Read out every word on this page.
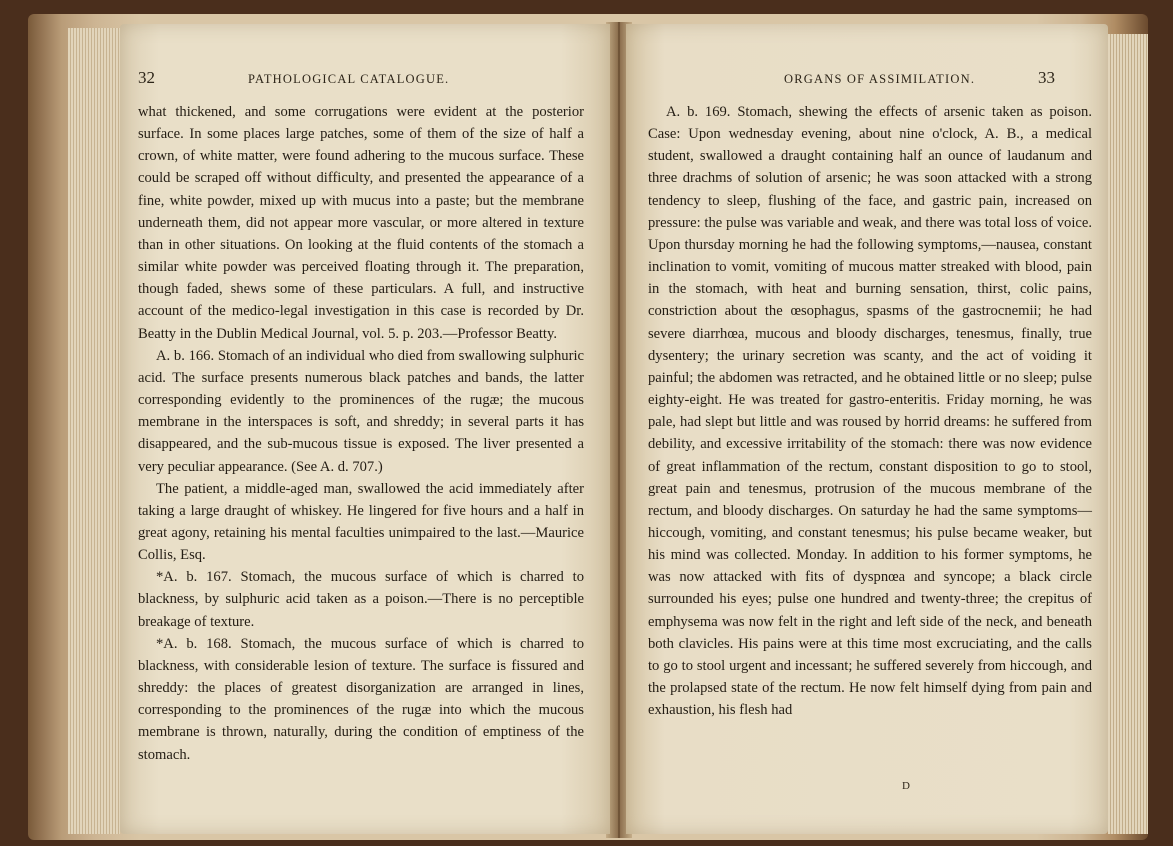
32	PATHOLOGICAL CATALOGUE.

what thickened, and some corrugations were evident at the posterior surface. In some places large patches, some of them of the size of half a crown, of white matter, were found adhering to the mucous surface. These could be scraped off without difficulty, and presented the appearance of a fine, white powder, mixed up with mucus into a paste; but the membrane underneath them, did not appear more vascular, or more altered in texture than in other situations. On looking at the fluid contents of the stomach a similar white powder was perceived floating through it. The preparation, though faded, shews some of these particulars. A full, and instructive account of the medico-legal investigation in this case is recorded by Dr. Beatty in the Dublin Medical Journal, vol. 5. p. 203.—Professor Beatty.

A. b. 166. Stomach of an individual who died from swallowing sulphuric acid. The surface presents numerous black patches and bands, the latter corresponding evidently to the prominences of the rugæ; the mucous membrane in the interspaces is soft, and shreddy; in several parts it has disappeared, and the sub-mucous tissue is exposed. The liver presented a very peculiar appearance. (See A. d. 707.)

The patient, a middle-aged man, swallowed the acid immediately after taking a large draught of whiskey. He lingered for five hours and a half in great agony, retaining his mental faculties unimpaired to the last.—Maurice Collis, Esq.

*A. b. 167. Stomach, the mucous surface of which is charred to blackness, by sulphuric acid taken as a poison.—There is no perceptible breakage of texture.

*A. b. 168. Stomach, the mucous surface of which is charred to blackness, with considerable lesion of texture. The surface is fissured and shreddy: the places of greatest disorganization are arranged in lines, corresponding to the prominences of the rugæ into which the mucous membrane is thrown, naturally, during the condition of emptiness of the stomach.

ORGANS OF ASSIMILATION.	33

A. b. 169. Stomach, shewing the effects of arsenic taken as poison. Case: Upon wednesday evening, about nine o'clock, A. B., a medical student, swallowed a draught containing half an ounce of laudanum and three drachms of solution of arsenic; he was soon attacked with a strong tendency to sleep, flushing of the face, and gastric pain, increased on pressure: the pulse was variable and weak, and there was total loss of voice. Upon thursday morning he had the following symptoms,—nausea, constant inclination to vomit, vomiting of mucous matter streaked with blood, pain in the stomach, with heat and burning sensation, thirst, colic pains, constriction about the œsophagus, spasms of the gastrocnemii; he had severe diarrhœa, mucous and bloody discharges, tenesmus, finally, true dysentery; the urinary secretion was scanty, and the act of voiding it painful; the abdomen was retracted, and he obtained little or no sleep; pulse eighty-eight. He was treated for gastro-enteritis. Friday morning, he was pale, had slept but little and was roused by horrid dreams: he suffered from debility, and excessive irritability of the stomach: there was now evidence of great inflammation of the rectum, constant disposition to go to stool, great pain and tenesmus, protrusion of the mucous membrane of the rectum, and bloody discharges. On saturday he had the same symptoms—hiccough, vomiting, and constant tenesmus; his pulse became weaker, but his mind was collected. Monday. In addition to his former symptoms, he was now attacked with fits of dyspnœa and syncope; a black circle surrounded his eyes; pulse one hundred and twenty-three; the crepitus of emphysema was now felt in the right and left side of the neck, and beneath both clavicles. His pains were at this time most excruciating, and the calls to go to stool urgent and incessant; he suffered severely from hiccough, and the prolapsed state of the rectum. He now felt himself dying from pain and exhaustion, his flesh had

D
